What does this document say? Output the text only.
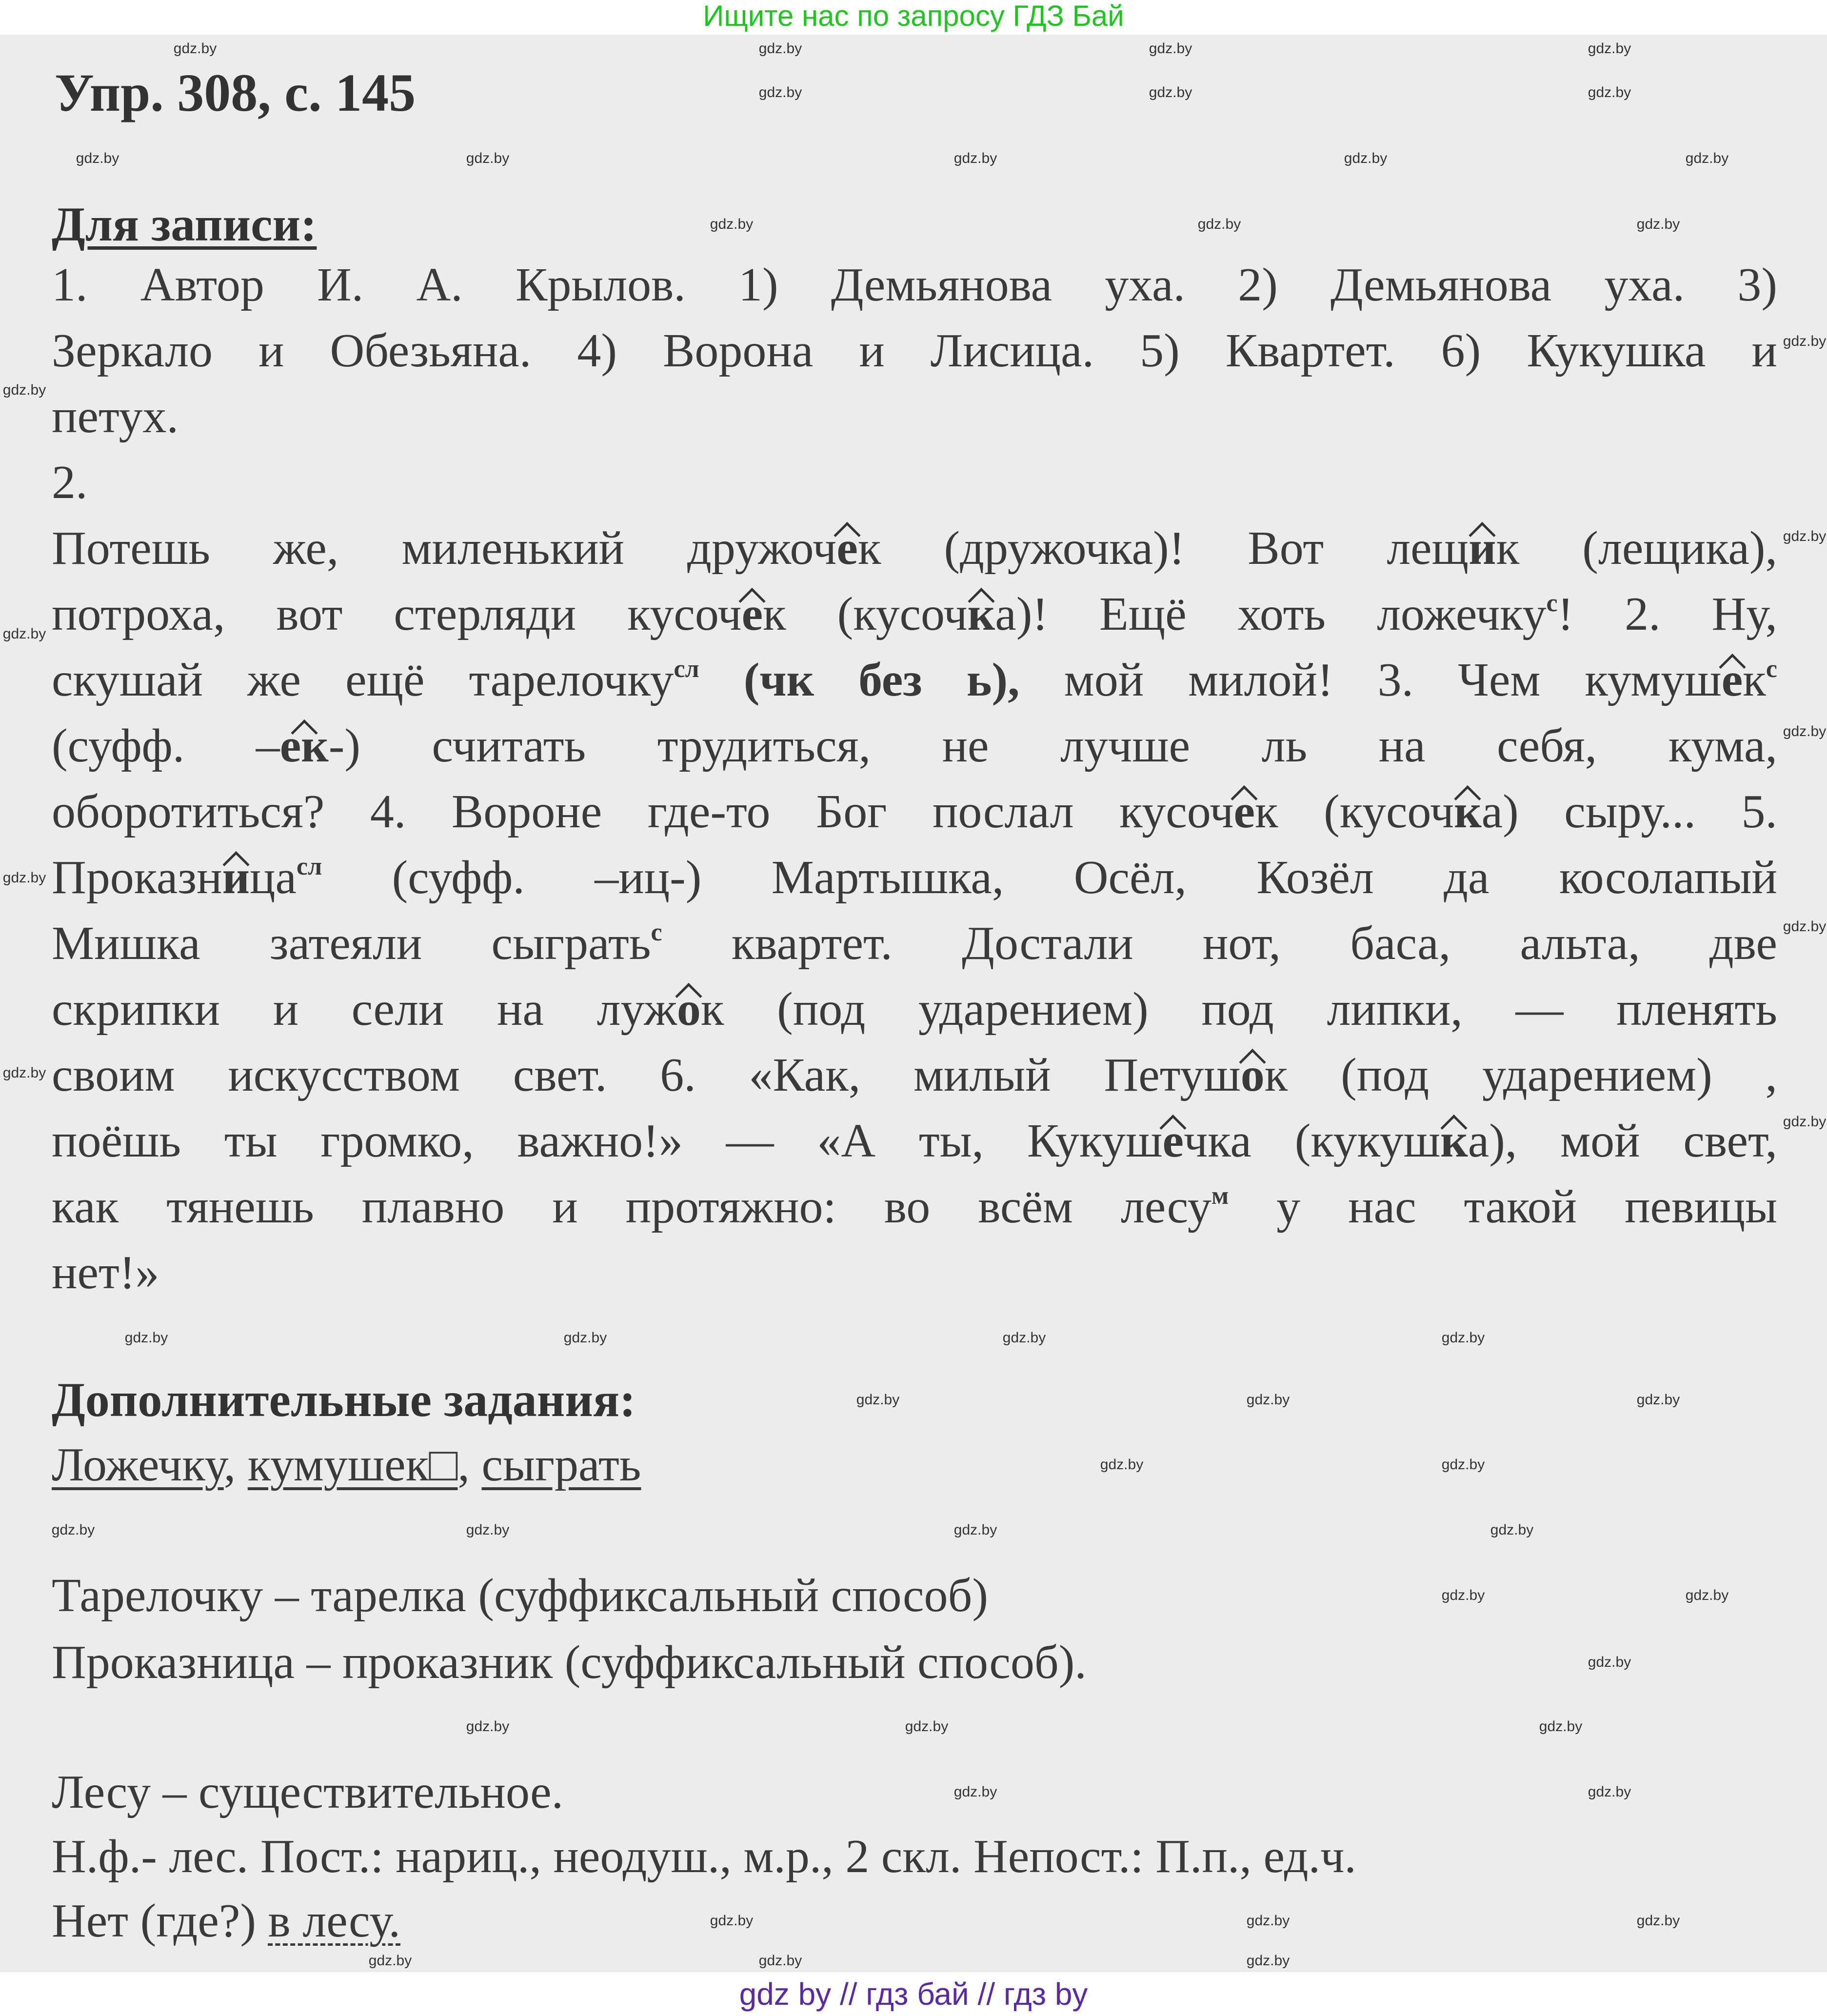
Ищите нас по запросу ГДЗ Бай
Упр. 308, с. 145
Для записи:
1. Автор И. А. Крылов. 1) Демьянова уха. 2) Демьянова уха. 3)
Зеркало и Обезьяна. 4) Ворона и Лисица. 5) Квартет. 6) Кукушка и
петух.
2.
Потешь же, миленький дружочек (дружочка)! Вот лещик (лещика),
потроха, вот стерляди кусочек (кусочка)! Ещё хоть ложечку$^с$! 2. Ну,
скушай же ещё тарелочку$^{сл}$ (чк без ь), мой милой! 3. Чем кумушек$^с$
(суфф. –ек-) считать трудиться, не лучше ль на себя, кума,
оборотиться? 4. Вороне где-то Бог послал кусочек (кусочка) сыру... 5.
Проказница$^{сл}$ (суфф. –иц-) Мартышка, Осёл, Козёл да косолапый
Мишка затеяли сыграть$^с$ квартет. Достали нот, баса, альта, две
скрипки и сели на лужок (под ударением) под липки, — пленять
своим искусством свет. 6. «Как, милый Петушок (под ударением) ,
поёшь ты громко, важно!» — «А ты, Кукушечка (кукушка), мой свет,
как тянешь плавно и протяжно: во всём лесу$^м$ у нас такой певицы
нет!»
Дополнительные задания:
Ложечку, кумушек□, сыграть
Тарелочку – тарелка (суффиксальный способ)
Проказница – проказник (суффиксальный способ).
Лесу – существительное.
Н.ф.- лес. Пост.: нариц., неодуш., м.р., 2 скл. Непост.: П.п., ед.ч.
Нет (где?) в лесу.
gdz by // гдз бай // гдз by
gdz.by	gdz.by	gdz.by	gdz.by
gdz.by	gdz.by	gdz.by
gdz.by	gdz.by	gdz.by	gdz.by	gdz.by
gdz.by	gdz.by	gdz.by
gdz.by
gdz.by
gdz.by
gdz.by
gdz.by
gdz.by
gdz.by
gdz.by
gdz.by
gdz.by	gdz.by	gdz.by	gdz.by
gdz.by	gdz.by	gdz.by
gdz.by	gdz.by
gdz.by	gdz.by	gdz.by	gdz.by
gdz.by	gdz.by
gdz.by
gdz.by	gdz.by	gdz.by
gdz.by	gdz.by
gdz.by	gdz.by	gdz.by
gdz.by	gdz.by	gdz.by
